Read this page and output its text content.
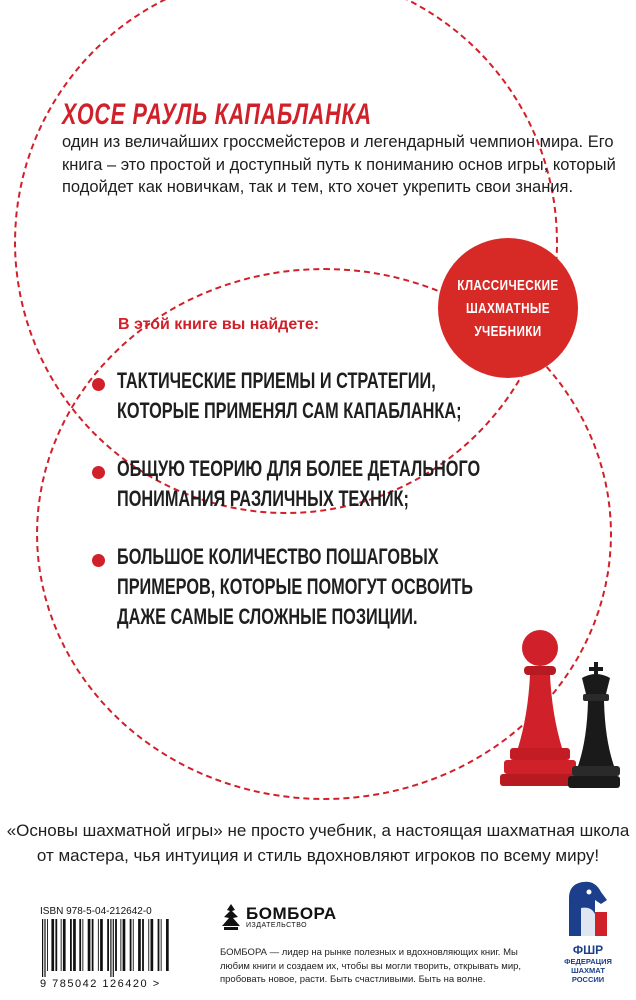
ХОСЕ РАУЛЬ КАПАБЛАНКА
один из величайших гроссмейстеров и легендарный чемпион мира. Его книга – это простой и доступный путь к пониманию основ игры, который подойдет как новичкам, так и тем, кто хочет укрепить свои знания.
КЛАССИЧЕСКИЕ
ШАХМАТНЫЕ
УЧЕБНИКИ
В этой книге вы найдете:
ТАКТИЧЕСКИЕ ПРИЕМЫ И СТРАТЕГИИ,
КОТОРЫЕ ПРИМЕНЯЛ САМ КАПАБЛАНКА;
ОБЩУЮ ТЕОРИЮ ДЛЯ БОЛЕЕ ДЕТАЛЬНОГО
ПОНИМАНИЯ РАЗЛИЧНЫХ ТЕХНИК;
БОЛЬШОЕ КОЛИЧЕСТВО ПОШАГОВЫХ
ПРИМЕРОВ, КОТОРЫЕ ПОМОГУТ ОСВОИТЬ
ДАЖЕ САМЫЕ СЛОЖНЫЕ ПОЗИЦИИ.
«Основы шахматной игры» не просто учебник, а настоящая шахматная школа от мастера, чья интуиция и стиль вдохновляют игроков по всему миру!
ISBN 978-5-04-212642-0
9 785042 126420 >
БОМБОРА
ИЗДАТЕЛЬСТВО
БОМБОРА — лидер на рынке полезных и вдохновляющих книг. Мы любим книги и создаем их, чтобы вы могли творить, открывать мир, пробовать новое, расти. Быть счастливыми. Быть на волне.
ФШР
ФЕДЕРАЦИЯ
ШАХМАТ
РОССИИ
